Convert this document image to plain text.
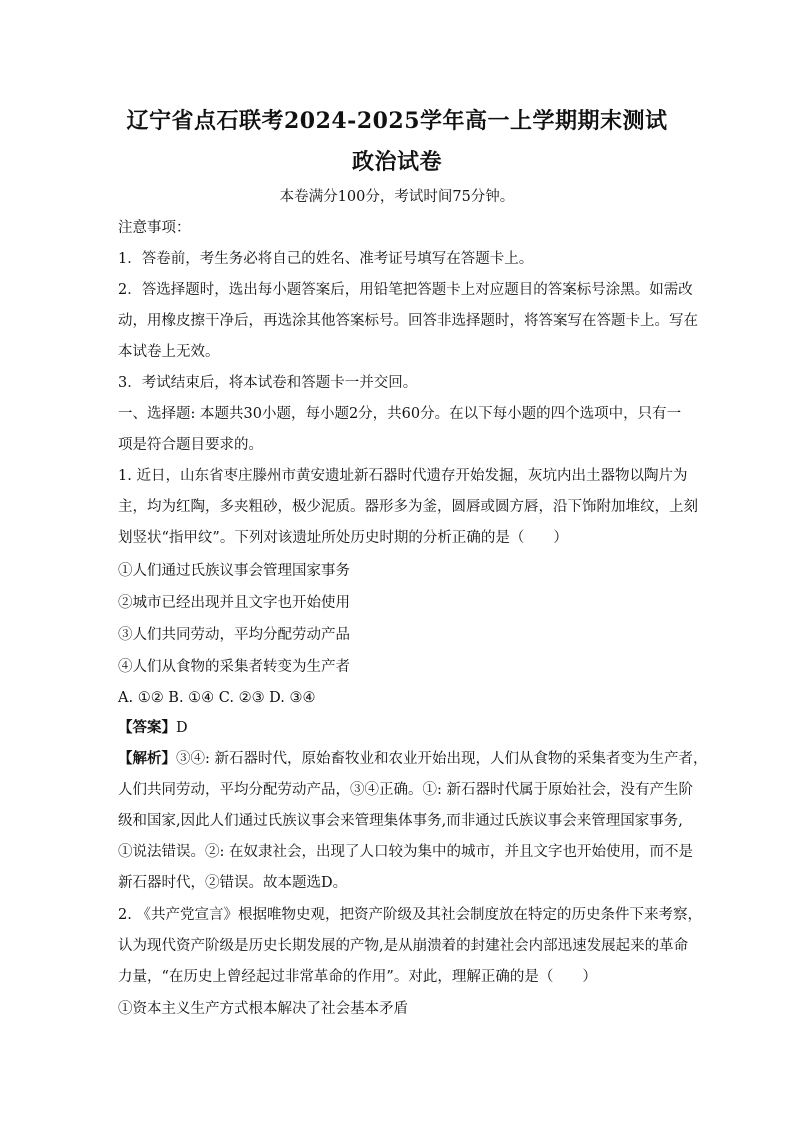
辽宁省点石联考2024-2025学年高一上学期期末测试
政治试卷
本卷满分100分，考试时间75分钟。
注意事项：
1．答卷前，考生务必将自己的姓名、准考证号填写在答题卡上。
2．答选择题时，选出每小题答案后，用铅笔把答题卡上对应题目的答案标号涂黑。如需改
动，用橡皮擦干净后，再选涂其他答案标号。回答非选择题时，将答案写在答题卡上。写在
本试卷上无效。
3．考试结束后，将本试卷和答题卡一并交回。
一、选择题: 本题共30小题，每小题2分，共60分。在以下每小题的四个选项中，只有一
项是符合题目要求的。
1. 近日，山东省枣庄滕州市黄安遗址新石器时代遗存开始发掘，灰坑内出土器物以陶片为
主，均为红陶，多夹粗砂，极少泥质。器形多为釜，圆唇或圆方唇，沿下饰附加堆纹，上刻
划竖状“指甲纹”。下列对该遗址所处历史时期的分析正确的是（　　）
①人们通过氏族议事会管理国家事务
②城市已经出现并且文字也开始使用
③人们共同劳动，平均分配劳动产品
④人们从食物的采集者转变为生产者
A. ①② B. ①④ C. ②③ D. ③④
【答案】D
【解析】③④: 新石器时代，原始畜牧业和农业开始出现，人们从食物的采集者变为生产者，
人们共同劳动，平均分配劳动产品，③④正确。①: 新石器时代属于原始社会，没有产生阶
级和国家,因此人们通过氏族议事会来管理集体事务,而非通过氏族议事会来管理国家事务,
①说法错误。②: 在奴隶社会，出现了人口较为集中的城市，并且文字也开始使用，而不是
新石器时代，②错误。故本题选D。
2. 《共产党宣言》根据唯物史观，把资产阶级及其社会制度放在特定的历史条件下来考察，
认为现代资产阶级是历史长期发展的产物,是从崩溃着的封建社会内部迅速发展起来的革命
力量，“在历史上曾经起过非常革命的作用”。对此，理解正确的是（　　）
①资本主义生产方式根本解决了社会基本矛盾
